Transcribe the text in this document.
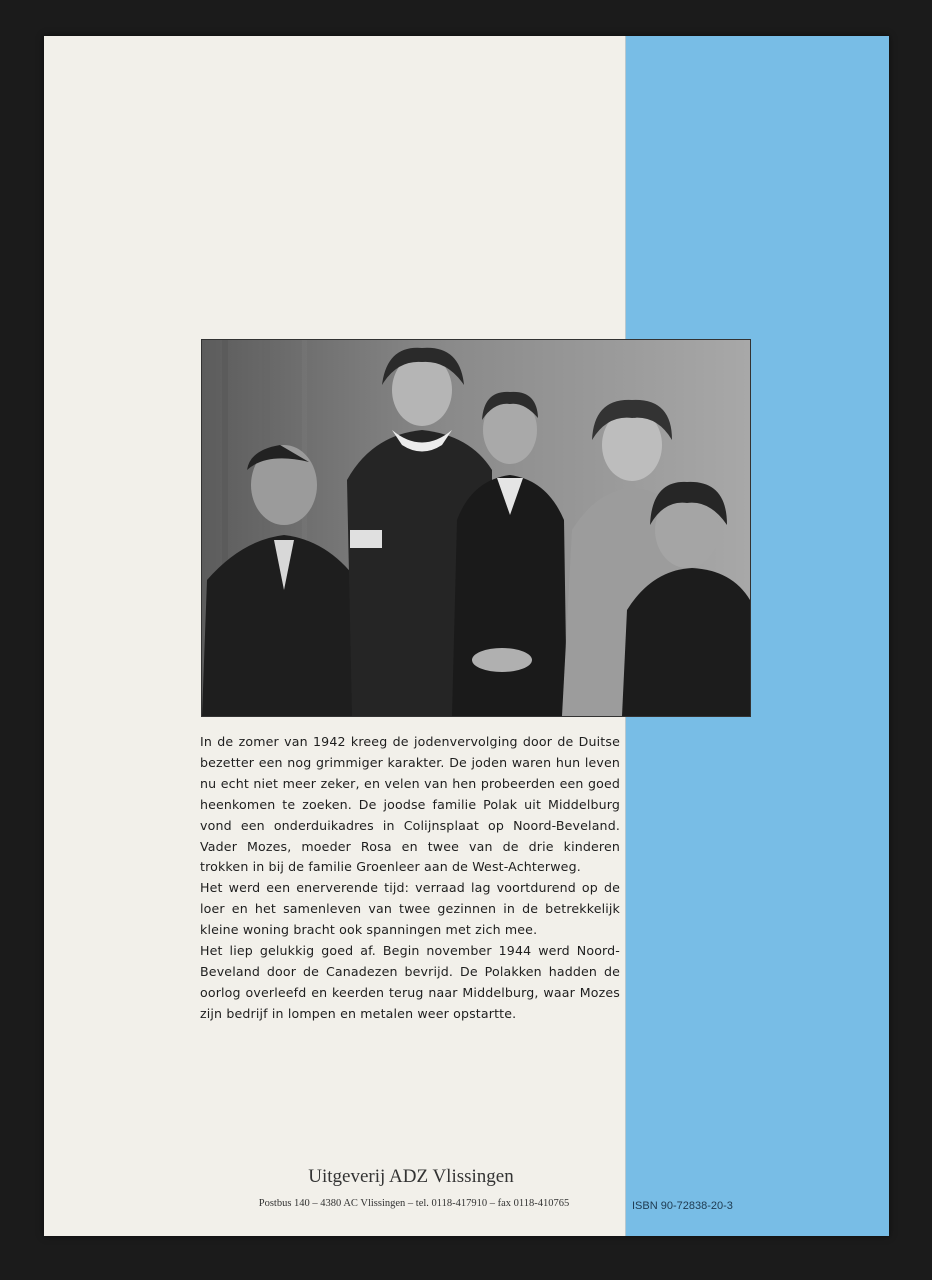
In de zomer van 1942 kreeg de jodenvervolging door de Duitse bezetter een nog grimmiger karakter. De joden waren hun leven nu echt niet meer zeker, en velen van hen probeerden een goed heenkomen te zoeken. De joodse familie Polak uit Middelburg vond een onderduikadres in Colijnsplaat op Noord-Beveland. Vader Mozes, moeder Rosa en twee van de drie kinderen trokken in bij de familie Groenleer aan de West-Achterweg.

Het werd een enerverende tijd: verraad lag voortdurend op de loer en het samenleven van twee gezinnen in de betrekkelijk kleine woning bracht ook spanningen met zich mee.

Het liep gelukkig goed af. Begin november 1944 werd Noord-Beveland door de Canadezen bevrijd. De Polakken hadden de oorlog overleefd en keerden terug naar Middelburg, waar Mozes zijn bedrijf in lompen en metalen weer opstartte.

Uitgeverij ADZ Vlissingen
Postbus 140 – 4380 AC Vlissingen – tel. 0118-417910 – fax 0118-410765	ISBN 90-72838-20-3
